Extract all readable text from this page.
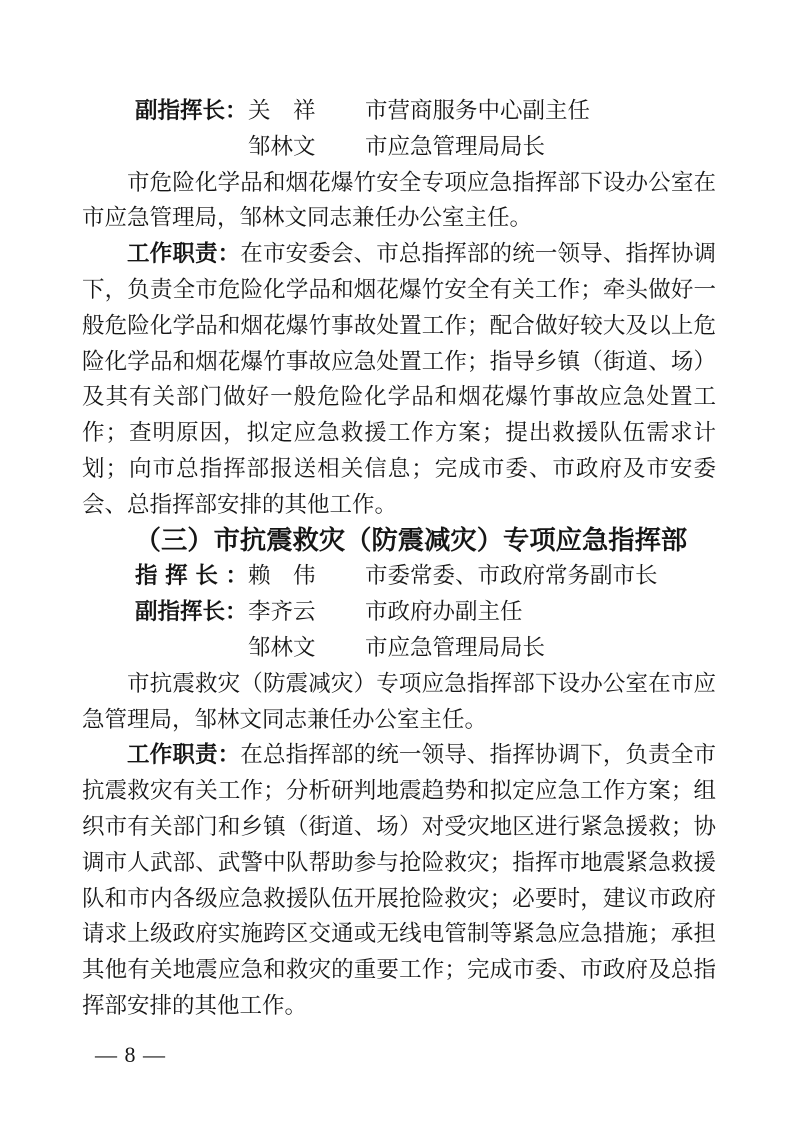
副指挥长： 关　祥	市营商服务中心副主任
邹林文	市应急管理局局长

市危险化学品和烟花爆竹安全专项应急指挥部下设办公室在市应急管理局，邹林文同志兼任办公室主任。

工作职责：在市安委会、市总指挥部的统一领导、指挥协调下，负责全市危险化学品和烟花爆竹安全有关工作；牵头做好一般危险化学品和烟花爆竹事故处置工作；配合做好较大及以上危险化学品和烟花爆竹事故应急处置工作；指导乡镇（街道、场）及其有关部门做好一般危险化学品和烟花爆竹事故应急处置工作；查明原因，拟定应急救援工作方案；提出救援队伍需求计划；向市总指挥部报送相关信息；完成市委、市政府及市安委会、总指挥部安排的其他工作。

（三）市抗震救灾（防震减灾）专项应急指挥部
指挥长： 赖　伟	市委常委、市政府常务副市长
副指挥长： 李齐云	市政府办副主任
邹林文	市应急管理局局长

市抗震救灾（防震减灾）专项应急指挥部下设办公室在市应急管理局，邹林文同志兼任办公室主任。

工作职责：在总指挥部的统一领导、指挥协调下，负责全市抗震救灾有关工作；分析研判地震趋势和拟定应急工作方案；组织市有关部门和乡镇（街道、场）对受灾地区进行紧急援救；协调市人武部、武警中队帮助参与抢险救灾；指挥市地震紧急救援队和市内各级应急救援队伍开展抢险救灾；必要时，建议市政府请求上级政府实施跨区交通或无线电管制等紧急应急措施；承担其他有关地震应急和救灾的重要工作；完成市委、市政府及总指挥部安排的其他工作。

— 8 —
